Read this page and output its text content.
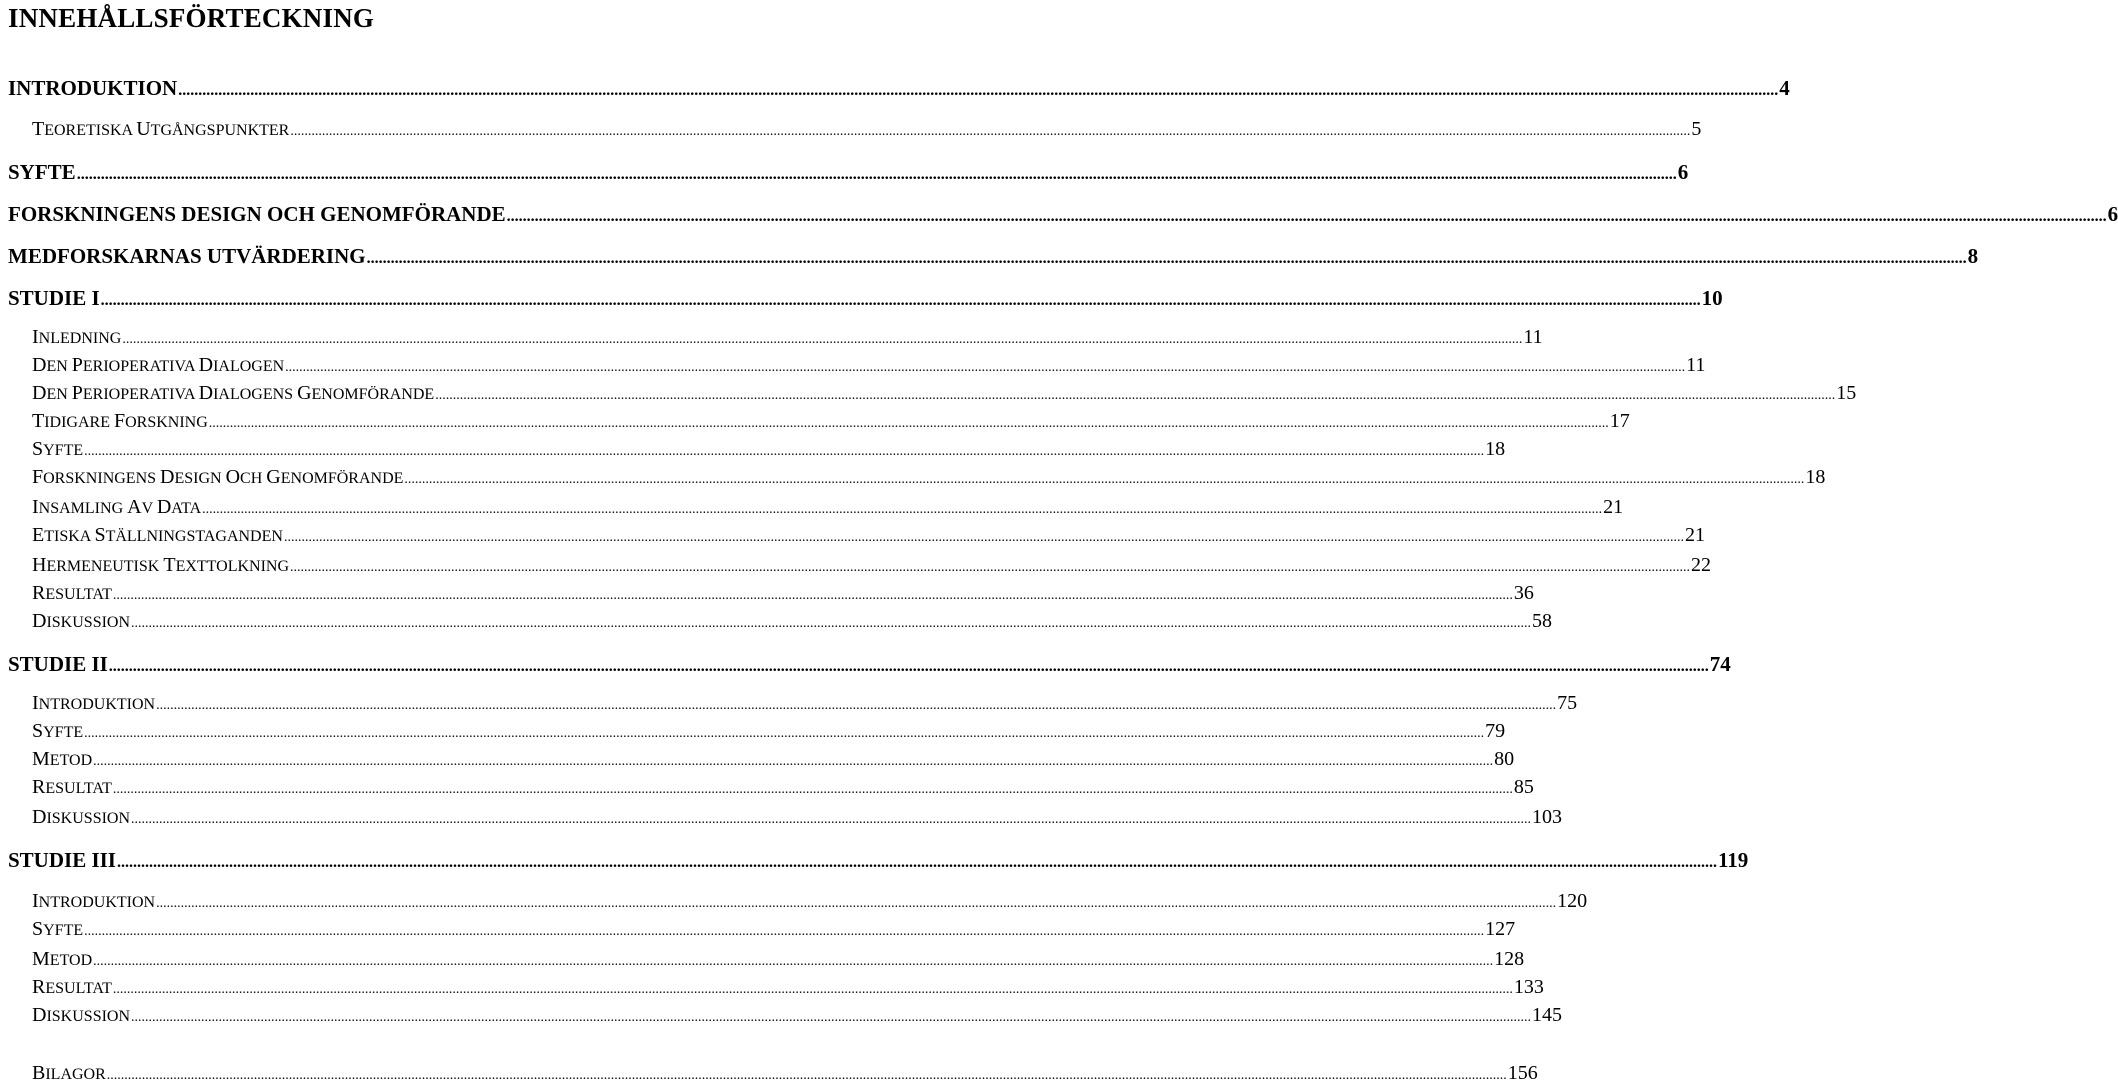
INNEHÅLLSFÖRTECKNING
INTRODUKTION ................................................................................................................................................................................................................................................................................................................................................................................................................ 4
TEORETISKA UTGÅNGSPUNKTER ................................................................................................................................................................................................................................................................................................................................................................................................................ 5
SYFTE ................................................................................................................................................................................................................................................................................................................................................................................................................ 6
FORSKNINGENS DESIGN OCH GENOMFÖRANDE ................................................................................................................................................................................................................................................................................................................................................................................................................ 6
MEDFORSKARNAS UTVÄRDERING ................................................................................................................................................................................................................................................................................................................................................................................................................ 8
STUDIE I ................................................................................................................................................................................................................................................................................................................................................................................................................ 10
INLEDNING ................................................................................................................................................................................................................................................................................................................................................................................................................ 11
DEN PERIOPERATIVA DIALOGEN ................................................................................................................................................................................................................................................................................................................................................................................................................ 11
DEN PERIOPERATIVA DIALOGENS GENOMFÖRANDE ................................................................................................................................................................................................................................................................................................................................................................................................................ 15
TIDIGARE FORSKNING ................................................................................................................................................................................................................................................................................................................................................................................................................ 17
SYFTE ................................................................................................................................................................................................................................................................................................................................................................................................................ 18
FORSKNINGENS DESIGN OCH GENOMFÖRANDE ................................................................................................................................................................................................................................................................................................................................................................................................................ 18
INSAMLING AV DATA ................................................................................................................................................................................................................................................................................................................................................................................................................ 21
ETISKA STÄLLNINGSTAGANDEN ................................................................................................................................................................................................................................................................................................................................................................................................................ 21
HERMENEUTISK TEXTTOLKNING ................................................................................................................................................................................................................................................................................................................................................................................................................ 22
RESULTAT ................................................................................................................................................................................................................................................................................................................................................................................................................ 36
DISKUSSION ................................................................................................................................................................................................................................................................................................................................................................................................................ 58
STUDIE II ................................................................................................................................................................................................................................................................................................................................................................................................................ 74
INTRODUKTION ................................................................................................................................................................................................................................................................................................................................................................................................................ 75
SYFTE ................................................................................................................................................................................................................................................................................................................................................................................................................ 79
METOD ................................................................................................................................................................................................................................................................................................................................................................................................................ 80
RESULTAT ................................................................................................................................................................................................................................................................................................................................................................................................................ 85
DISKUSSION ................................................................................................................................................................................................................................................................................................................................................................................................................ 103
STUDIE III ................................................................................................................................................................................................................................................................................................................................................................................................................ 119
INTRODUKTION ................................................................................................................................................................................................................................................................................................................................................................................................................ 120
SYFTE ................................................................................................................................................................................................................................................................................................................................................................................................................ 127
METOD ................................................................................................................................................................................................................................................................................................................................................................................................................ 128
RESULTAT ................................................................................................................................................................................................................................................................................................................................................................................................................ 133
DISKUSSION ................................................................................................................................................................................................................................................................................................................................................................................................................ 145
BILAGOR ................................................................................................................................................................................................................................................................................................................................................................................................................ 156
